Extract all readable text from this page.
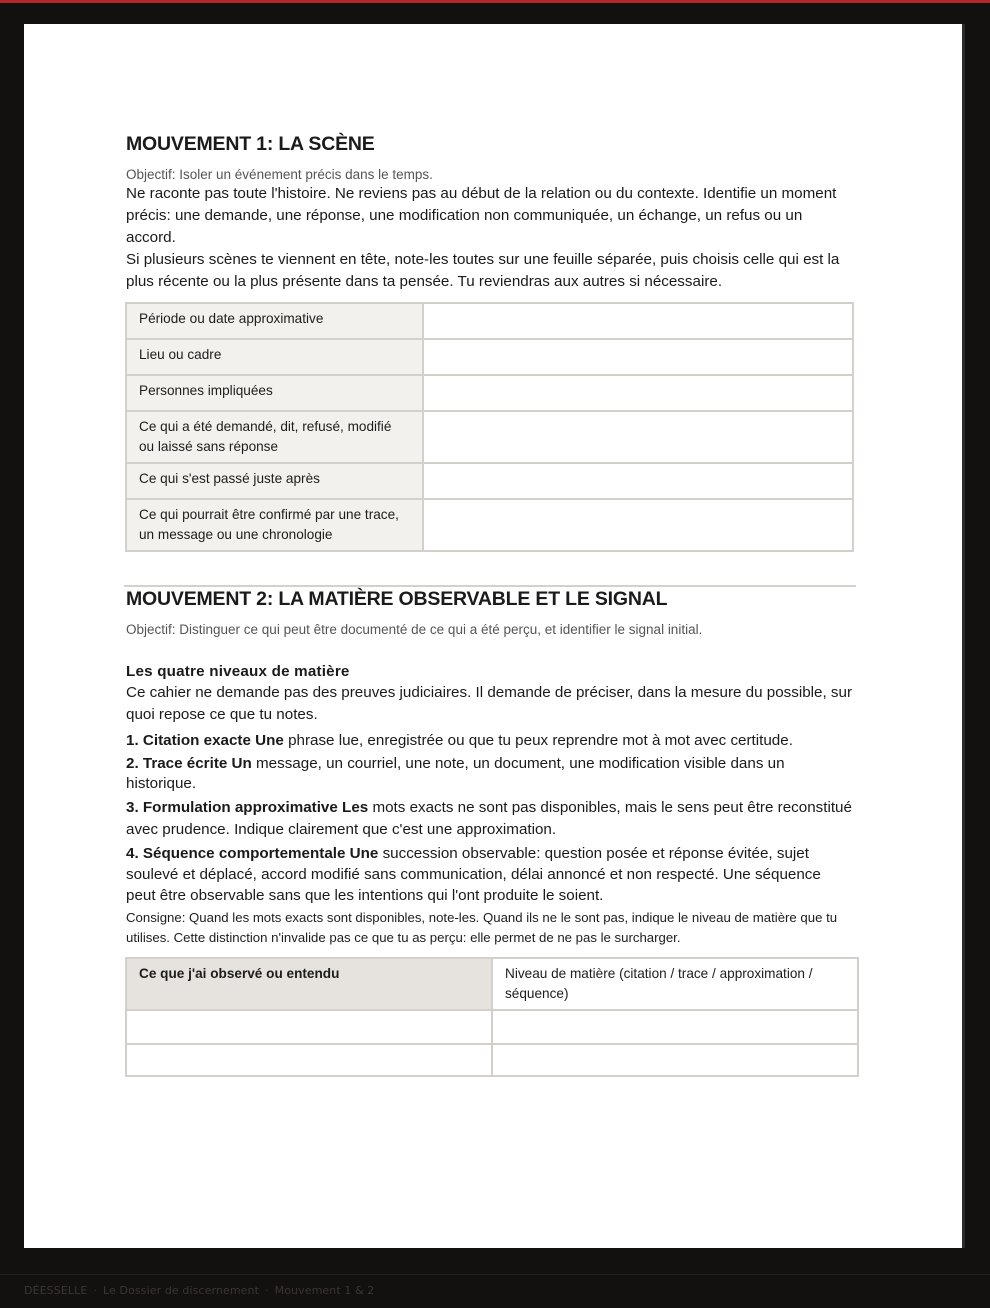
MOUVEMENT 1: LA SCÈNE
Objectif: Isoler un événement précis dans le temps.

Ne raconte pas toute l'histoire. Ne reviens pas au début de la relation ou du contexte. Identifie un moment précis: une demande, une réponse, une modification non communiquée, un échange, un refus ou un accord.

Si plusieurs scènes te viennent en tête, note-les toutes sur une feuille séparée, puis choisis celle qui est la plus récente ou la plus présente dans ta pensée. Tu reviendras aux autres si nécessaire.

Période ou date approximative	
Lieu ou cadre	
Personnes impliquées	
Ce qui a été demandé, dit, refusé, modifié ou laissé sans réponse	
Ce qui s'est passé juste après	
Ce qui pourrait être confirmé par une trace, un message ou une chronologie	
MOUVEMENT 2: LA MATIÈRE OBSERVABLE ET LE SIGNAL
Objectif: Distinguer ce qui peut être documenté de ce qui a été perçu, et identifier le signal initial.
Les quatre niveaux de matière

Ce cahier ne demande pas des preuves judiciaires. Il demande de préciser, dans la mesure du possible, sur quoi repose ce que tu notes.

1. Citation exacte Une phrase lue, enregistrée ou que tu peux reprendre mot à mot avec certitude.

2. Trace écrite Un message, un courriel, une note, un document, une modification visible dans un historique.

3. Formulation approximative Les mots exacts ne sont pas disponibles, mais le sens peut être reconstitué avec prudence. Indique clairement que c'est une approximation.

4. Séquence comportementale Une succession observable: question posée et réponse évitée, sujet soulevé et déplacé, accord modifié sans communication, délai annoncé et non respecté. Une séquence peut être observable sans que les intentions qui l'ont produite le soient.

Consigne: Quand les mots exacts sont disponibles, note-les. Quand ils ne le sont pas, indique le niveau de matière que tu utilises. Cette distinction n'invalide pas ce que tu as perçu: elle permet de ne pas le surcharger.
Ce que j'ai observé ou entendu	Niveau de matière (citation / trace / approximation / séquence)

DÉESSELLE · Le Dossier de discernement · Mouvement 1 & 2
